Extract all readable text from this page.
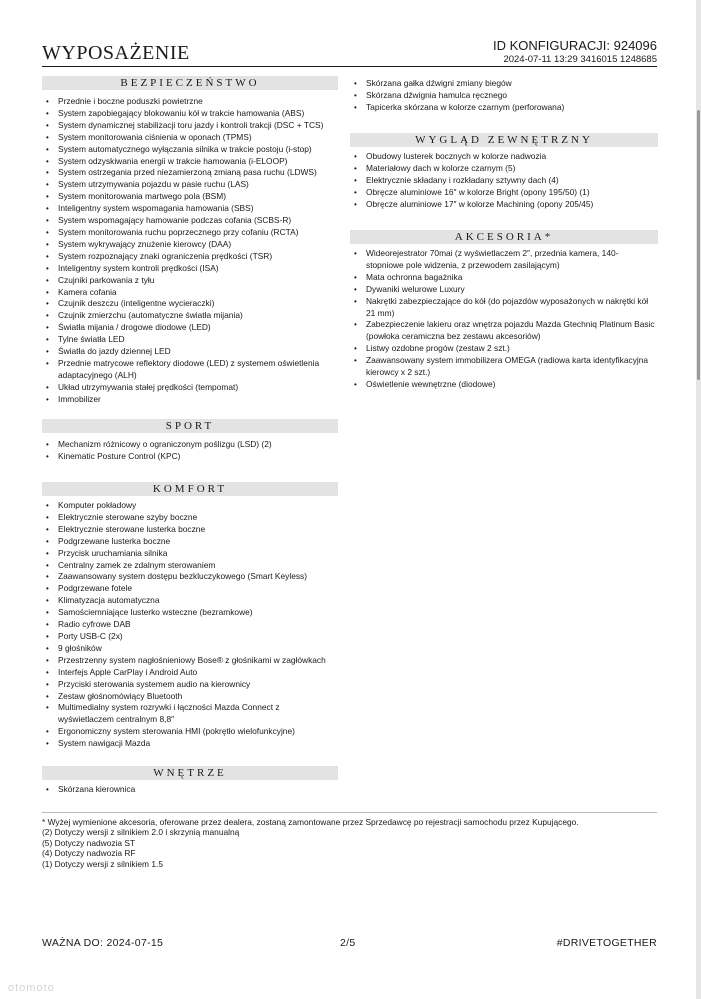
WYPOSAŻENIE	ID KONFIGURACJI: 924096
2024-07-11 13:29 3416015 1248685
BEZPIECZEŃSTWO
• Przednie i boczne poduszki powietrzne
• System zapobiegający blokowaniu kół w trakcie hamowania (ABS)
• System dynamicznej stabilizacji toru jazdy i kontroli trakcji (DSC + TCS)
• System monitorowania ciśnienia w oponach (TPMS)
• System automatycznego wyłączania silnika w trakcie postoju (i-stop)
• System odzyskiwania energii w trakcie hamowania (i-ELOOP)
• System ostrzegania przed niezamierzoną zmianą pasa ruchu (LDWS)
• System utrzymywania pojazdu w pasie ruchu (LAS)
• System monitorowania martwego pola (BSM)
• Inteligentny system wspomagania hamowania (SBS)
• System wspomagający hamowanie podczas cofania (SCBS-R)
• System monitorowania ruchu poprzecznego przy cofaniu (RCTA)
• System wykrywający znużenie kierowcy (DAA)
• System rozpoznający znaki ograniczenia prędkości (TSR)
• Inteligentny system kontroli prędkości (ISA)
• Czujniki parkowania z tyłu
• Kamera cofania
• Czujnik deszczu (inteligentne wycieraczki)
• Czujnik zmierzchu (automatyczne światła mijania)
• Światła mijania / drogowe diodowe (LED)
• Tylne światła LED
• Światła do jazdy dziennej LED
• Przednie matrycowe reflektory diodowe (LED) z systemem oświetlenia adaptacyjnego (ALH)
• Układ utrzymywania stałej prędkości (tempomat)
• Immobilizer
SPORT
• Mechanizm różnicowy o ograniczonym poślizgu (LSD) (2)
• Kinematic Posture Control (KPC)
KOMFORT
• Komputer pokładowy
• Elektrycznie sterowane szyby boczne
• Elektrycznie sterowane lusterka boczne
• Podgrzewane lusterka boczne
• Przycisk uruchamiania silnika
• Centralny zamek ze zdalnym sterowaniem
• Zaawansowany system dostępu bezkluczykowego (Smart Keyless)
• Podgrzewane fotele
• Klimatyzacja automatyczna
• Samościemniające lusterko wsteczne (bezramkowe)
• Radio cyfrowe DAB
• Porty USB-C (2x)
• 9 głośników
• Przestrzenny system nagłośnieniowy Bose® z głośnikami w zagłówkach
• Interfejs Apple CarPlay i Android Auto
• Przyciski sterowania systemem audio na kierownicy
• Zestaw głośnomówiący Bluetooth
• Multimedialny system rozrywki i łączności Mazda Connect z wyświetlaczem centralnym 8,8″
• Ergonomiczny system sterowania HMI (pokrętło wielofunkcyjne)
• System nawigacji Mazda
WNĘTRZE
• Skórzana kierownica
• Skórzana gałka dźwigni zmiany biegów
• Skórzana dźwignia hamulca ręcznego
• Tapicerka skórzana w kolorze czarnym (perforowana)
WYGLĄD ZEWNĘTRZNY
• Obudowy lusterek bocznych w kolorze nadwozia
• Materiałowy dach w kolorze czarnym (5)
• Elektrycznie składany i rozkładany sztywny dach (4)
• Obręcze aluminiowe 16″ w kolorze Bright (opony 195/50) (1)
• Obręcze aluminiowe 17″ w kolorze Machining (opony 205/45)
AKCESORIA*
• Wideorejestrator 70mai (z wyświetlaczem 2″, przednia kamera, 140-stopniowe pole widzenia, z przewodem zasilającym)
• Mata ochronna bagażnika
• Dywaniki welurowe Luxury
• Nakrętki zabezpieczające do kół (do pojazdów wyposażonych w nakrętki kół 21 mm)
• Zabezpieczenie lakieru oraz wnętrza pojazdu Mazda Gtechniq Platinum Basic (powłoka ceramiczna bez zestawu akcesoriów)
• Listwy ozdobne progów (zestaw 2 szt.)
• Zaawansowany system immobilizera OMEGA (radiowa karta identyfikacyjna kierowcy x 2 szt.)
• Oświetlenie wewnętrzne (diodowe)
* Wyżej wymienione akcesoria, oferowane przez dealera, zostaną zamontowane przez Sprzedawcę po rejestracji samochodu przez Kupującego.
(2) Dotyczy wersji z silnikiem 2.0 i skrzynią manualną
(5) Dotyczy nadwozia ST
(4) Dotyczy nadwozia RF
(1) Dotyczy wersji z silnikiem 1.5
WAŻNA DO: 2024-07-15	2/5	#DRIVETOGETHER
otomoto
